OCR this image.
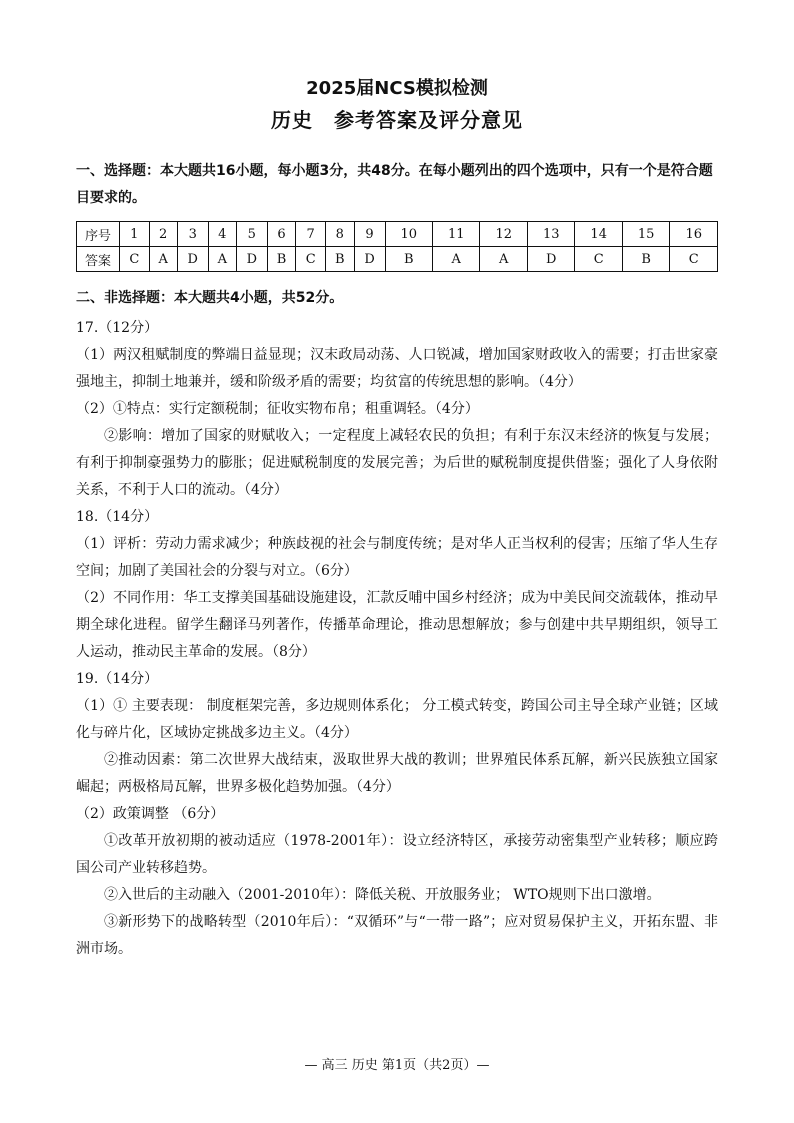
2025届NCS模拟检测
历史　参考答案及评分意见
一、选择题：本大题共16小题，每小题3分，共48分。在每小题列出的四个选项中，只有一个是符合题目要求的。
序号	1	2	3	4	5	6	7	8	9	10	11	12	13	14	15	16
答案	C	A	D	A	D	B	C	B	D	B	A	A	D	C	B	C
二、非选择题：本大题共4小题，共52分。

17.（12分）

（1）两汉租赋制度的弊端日益显现；汉末政局动荡、人口锐减，增加国家财政收入的需要；打击世家豪强地主，抑制土地兼并，缓和阶级矛盾的需要；均贫富的传统思想的影响。（4分）

（2）①特点：实行定额税制；征收实物布帛；租重调轻。（4分）

②影响：增加了国家的财赋收入；一定程度上减轻农民的负担；有利于东汉末经济的恢复与发展；有利于抑制豪强势力的膨胀；促进赋税制度的发展完善；为后世的赋税制度提供借鉴；强化了人身依附关系，不利于人口的流动。（4分）

18.（14分）

（1）评析：劳动力需求减少；种族歧视的社会与制度传统；是对华人正当权利的侵害；压缩了华人生存空间；加剧了美国社会的分裂与对立。（6分）

（2）不同作用：华工支撑美国基础设施建设，汇款反哺中国乡村经济；成为中美民间交流载体，推动早期全球化进程。留学生翻译马列著作，传播革命理论，推动思想解放；参与创建中共早期组织，领导工人运动，推动民主革命的发展。（8分）

19.（14分）

（1）① 主要表现： 制度框架完善，多边规则体系化； 分工模式转变，跨国公司主导全球产业链；区域化与碎片化，区域协定挑战多边主义。（4分）

②推动因素：第二次世界大战结束，汲取世界大战的教训；世界殖民体系瓦解，新兴民族独立国家崛起；两极格局瓦解，世界多极化趋势加强。（4分）

（2）政策调整 （6分）

①改革开放初期的被动适应（1978-2001年）：设立经济特区，承接劳动密集型产业转移；顺应跨国公司产业转移趋势。

②入世后的主动融入（2001-2010年）：降低关税、开放服务业； WTO规则下出口激增。

③新形势下的战略转型（2010年后）：“双循环”与“一带一路”；应对贸易保护主义，开拓东盟、非洲市场。

— 高三 历史 第1页（共2页）—
